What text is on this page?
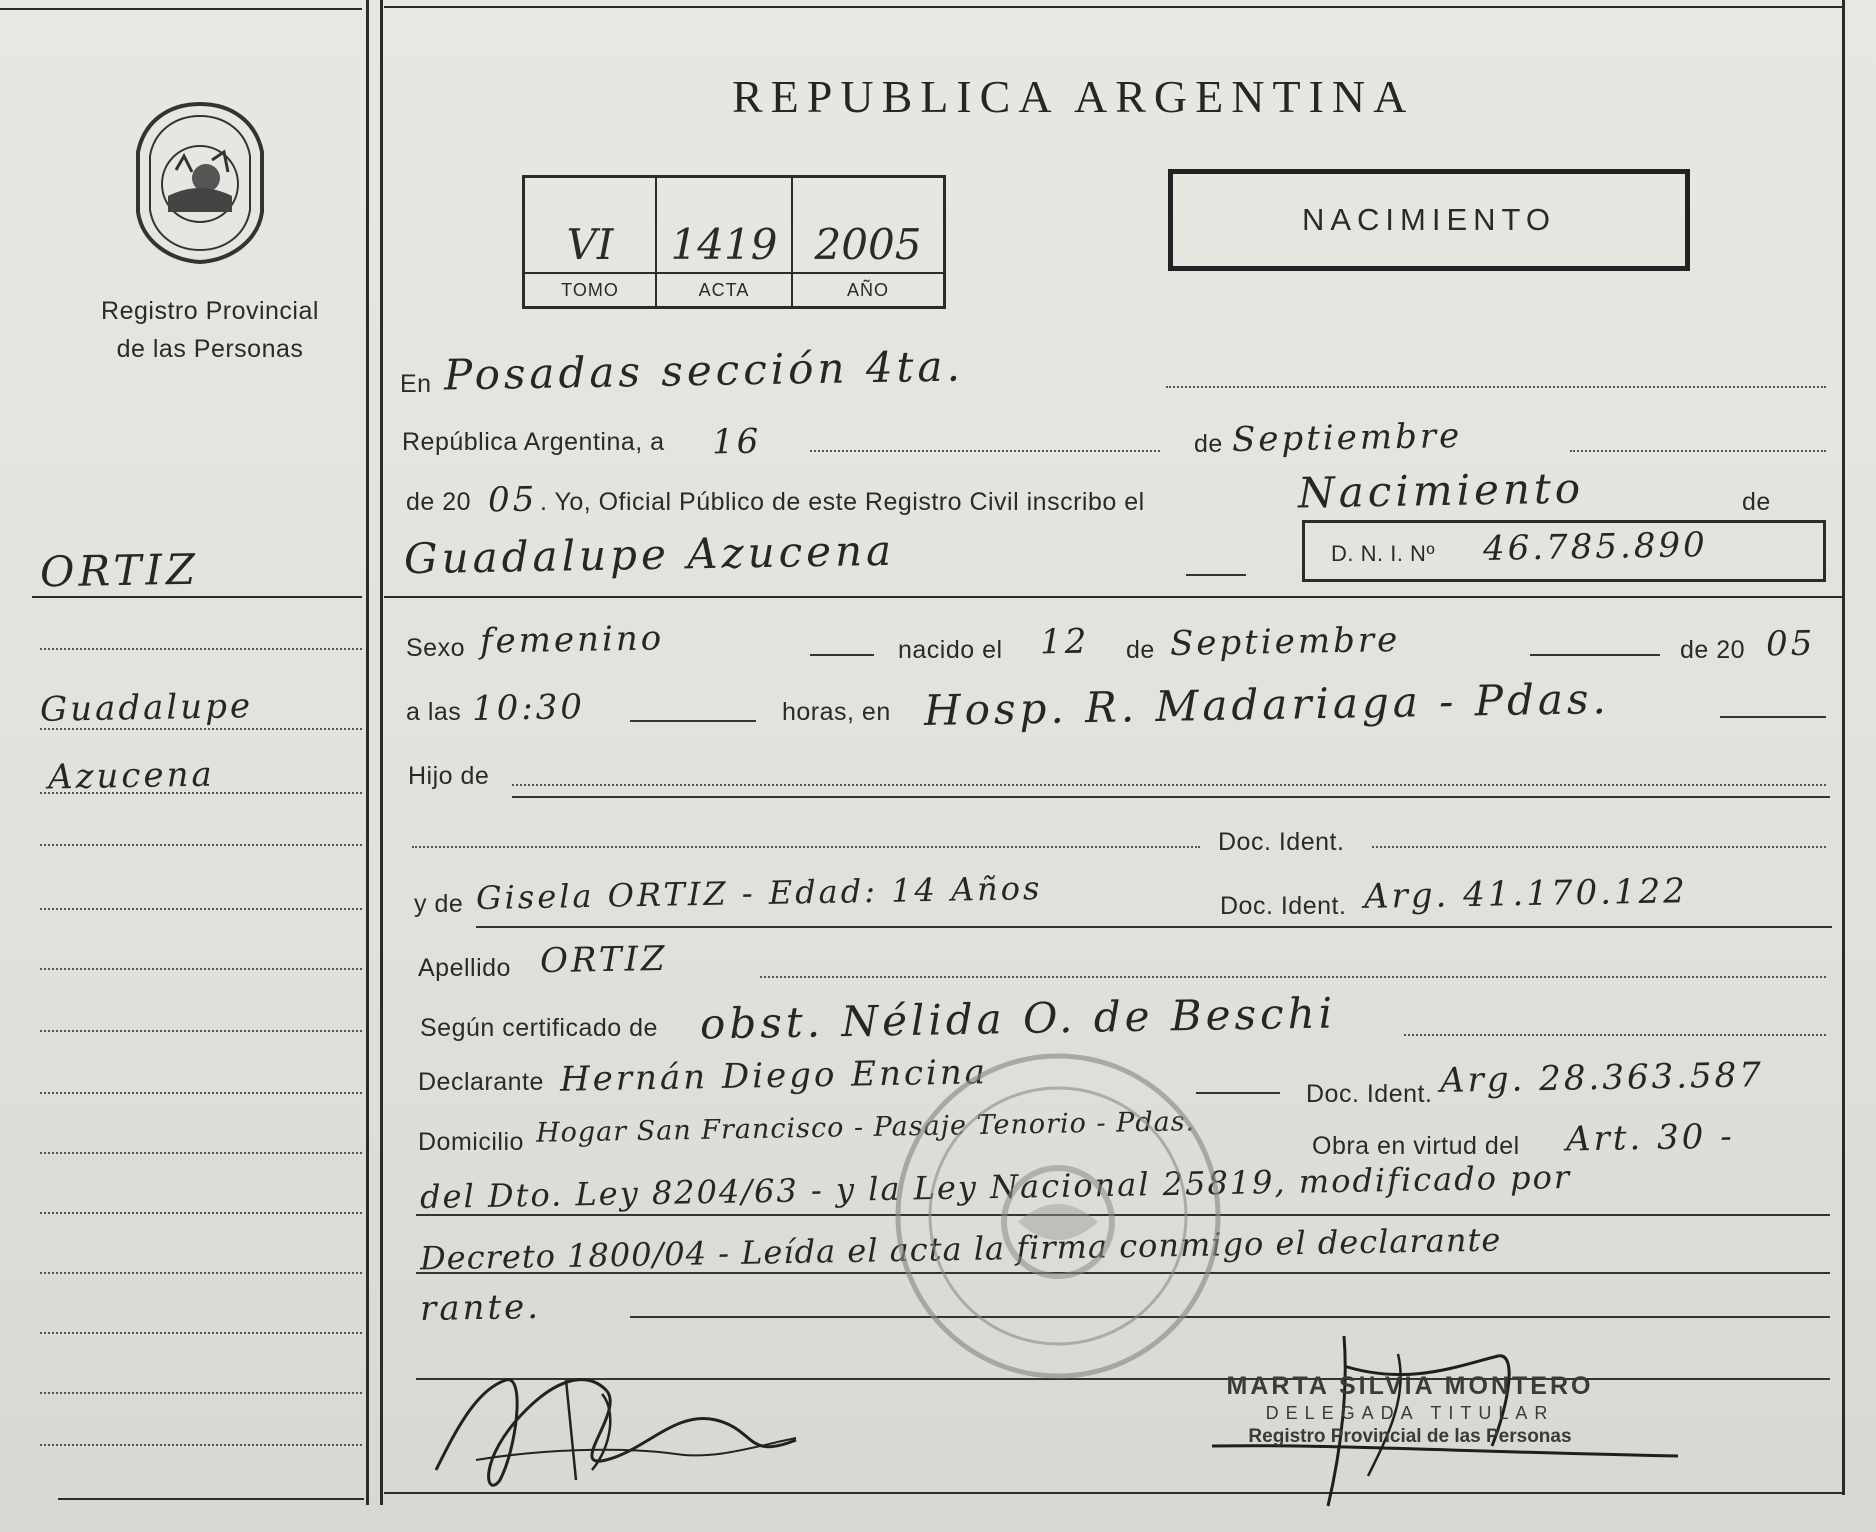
Registro Provincial
de las Personas
ORTIZ
Guadalupe
Azucena
REPUBLICA ARGENTINA
VI	1419 2005
TOMO	ACTA	AÑO
NACIMIENTO
En Posadas sección 4ta.
República Argentina, a 16	de Septiembre
de 20 05 . Yo, Oficial Público de este Registro Civil inscribo el	Nacimiento	de
Guadalupe Azucena	D. N. I. Nº 46.785.890
Sexo femenino	nacido el 12 de Septiembre	de 20 05
a las 10:30	horas, en Hosp. R. Madariaga - Pdas.
Hijo de
Doc. Ident.
y de Gisela ORTIZ - Edad: 14 Años	Doc. Ident. Arg. 41.170.122
Apellido ORTIZ
Según certificado de obst. Nélida O. de Beschi
Declarante Hernán Diego Encina	Doc. Ident. Arg. 28.363.587
Domicilio Hogar San Francisco - Pasaje Tenorio - Pdas.	Obra en virtud del Art. 30 -
del Dto. Ley 8204/63 - y la Ley Nacional 25819, modificado por
Decreto 1800/04 - Leída el acta la firma conmigo el declarante
rante.
MARTA SILVIA MONTERO
DELEGADA TITULAR
Registro Provincial de las Personas
